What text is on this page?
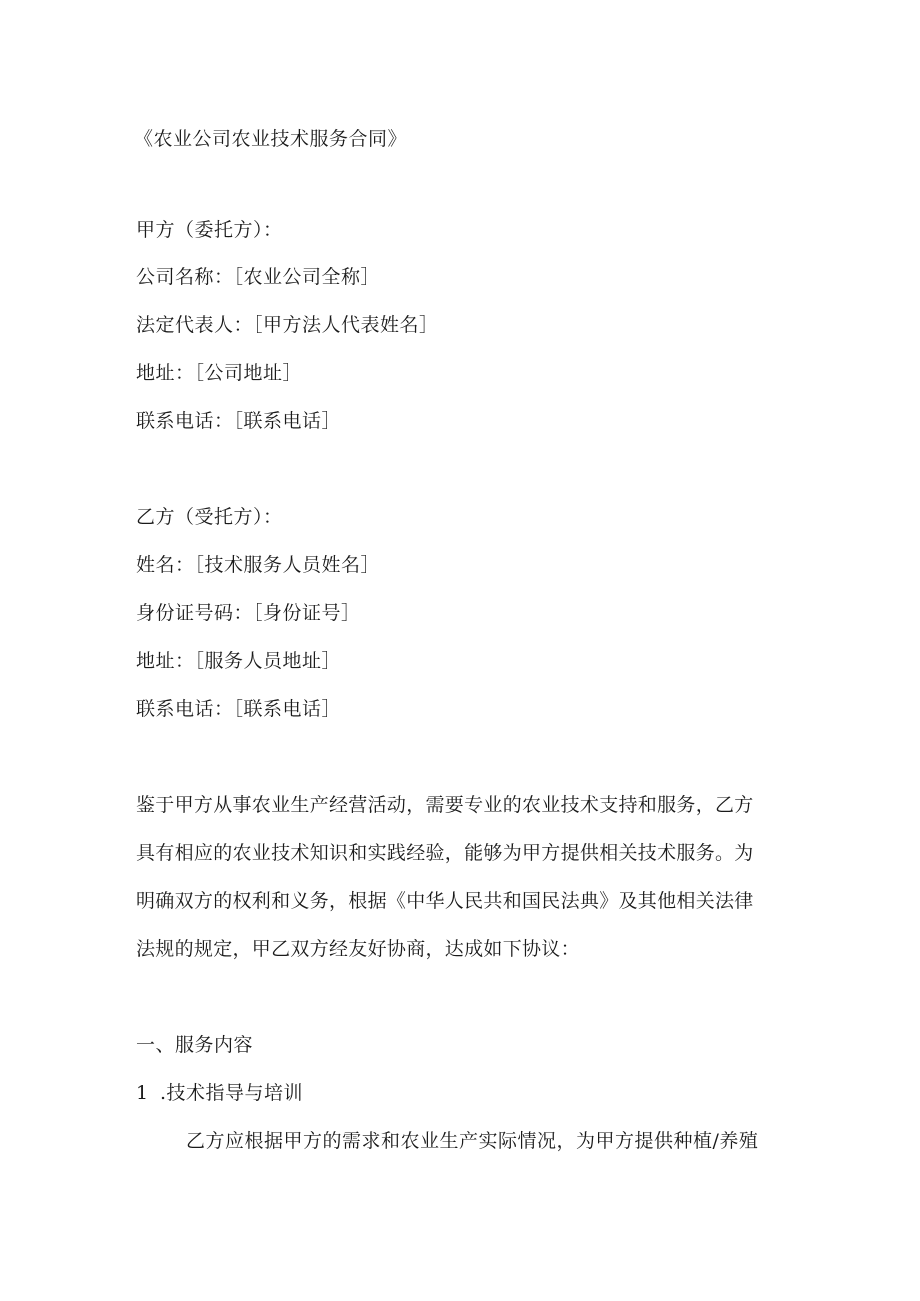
《农业公司农业技术服务合同》
甲方（委托方）：
公司名称：［农业公司全称］
法定代表人：［甲方法人代表姓名］
地址：［公司地址］
联系电话：［联系电话］
乙方（受托方）：
姓名：［技术服务人员姓名］
身份证号码：［身份证号］
地址：［服务人员地址］
联系电话：［联系电话］
鉴于甲方从事农业生产经营活动，需要专业的农业技术支持和服务，乙方
具有相应的农业技术知识和实践经验，能够为甲方提供相关技术服务。为
明确双方的权利和义务，根据《中华人民共和国民法典》及其他相关法律
法规的规定，甲乙双方经友好协商，达成如下协议：
一、服务内容
1 .技术指导与培训
乙方应根据甲方的需求和农业生产实际情况，为甲方提供种植/养殖
